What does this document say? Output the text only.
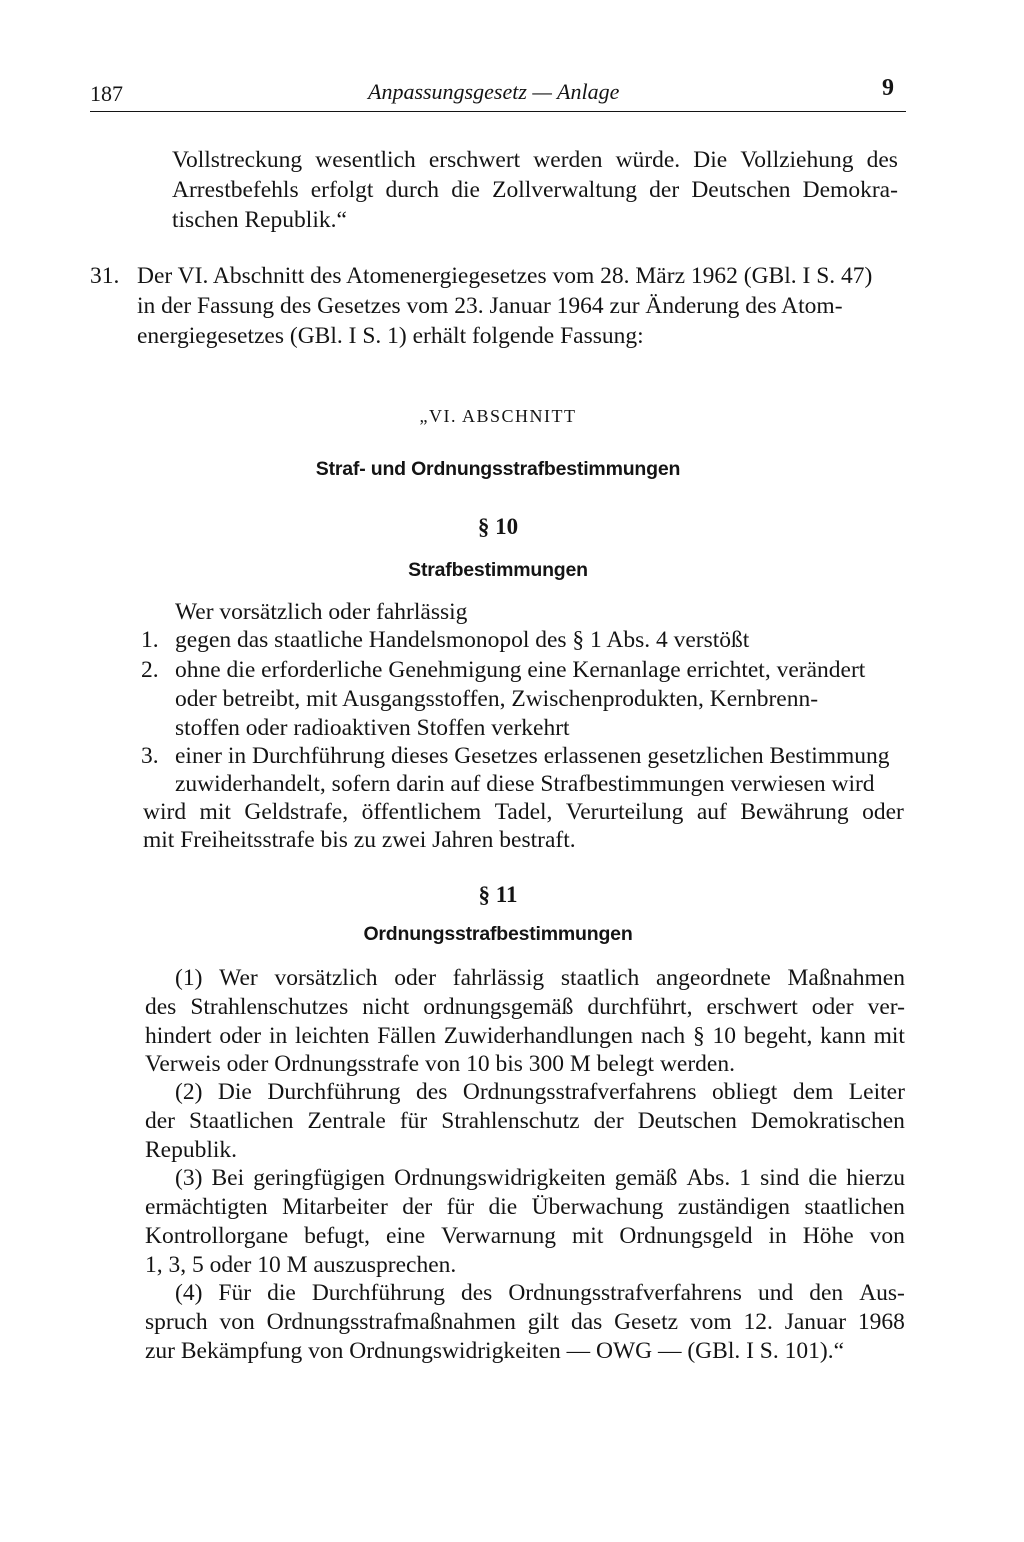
187	Anpassungsgesetz — Anlage	9
Vollstreckung wesentlich erschwert werden würde. Die Vollziehung des
Arrestbefehls erfolgt durch die Zollverwaltung der Deutschen Demokra-
tischen Republik.“
31. Der VI. Abschnitt des Atomenergiegesetzes vom 28. März 1962 (GBl. I S. 47)
in der Fassung des Gesetzes vom 23. Januar 1964 zur Änderung des Atom-
energiegesetzes (GBl. I S. 1) erhält folgende Fassung:
„VI. ABSCHNITT
Straf- und Ordnungsstrafbestimmungen
§ 10
Strafbestimmungen
Wer vorsätzlich oder fahrlässig
1. gegen das staatliche Handelsmonopol des § 1 Abs. 4 verstößt
2. ohne die erforderliche Genehmigung eine Kernanlage errichtet, verändert
oder betreibt, mit Ausgangsstoffen, Zwischenprodukten, Kernbrenn-
stoffen oder radioaktiven Stoffen verkehrt
3. einer in Durchführung dieses Gesetzes erlassenen gesetzlichen Bestimmung
zuwiderhandelt, sofern darin auf diese Strafbestimmungen verwiesen wird
wird mit Geldstrafe, öffentlichem Tadel, Verurteilung auf Bewährung oder
mit Freiheitsstrafe bis zu zwei Jahren bestraft.
§ 11
Ordnungsstrafbestimmungen
(1) Wer vorsätzlich oder fahrlässig staatlich angeordnete Maßnahmen
des Strahlenschutzes nicht ordnungsgemäß durchführt, erschwert oder ver-
hindert oder in leichten Fällen Zuwiderhandlungen nach § 10 begeht, kann mit
Verweis oder Ordnungsstrafe von 10 bis 300 M belegt werden.
(2) Die Durchführung des Ordnungsstrafverfahrens obliegt dem Leiter
der Staatlichen Zentrale für Strahlenschutz der Deutschen Demokratischen
Republik.
(3) Bei geringfügigen Ordnungswidrigkeiten gemäß Abs. 1 sind die hierzu
ermächtigten Mitarbeiter der für die Überwachung zuständigen staatlichen
Kontrollorgane befugt, eine Verwarnung mit Ordnungsgeld in Höhe von
1, 3, 5 oder 10 M auszusprechen.
(4) Für die Durchführung des Ordnungsstrafverfahrens und den Aus-
spruch von Ordnungsstrafmaßnahmen gilt das Gesetz vom 12. Januar 1968
zur Bekämpfung von Ordnungswidrigkeiten — OWG — (GBl. I S. 101).“
